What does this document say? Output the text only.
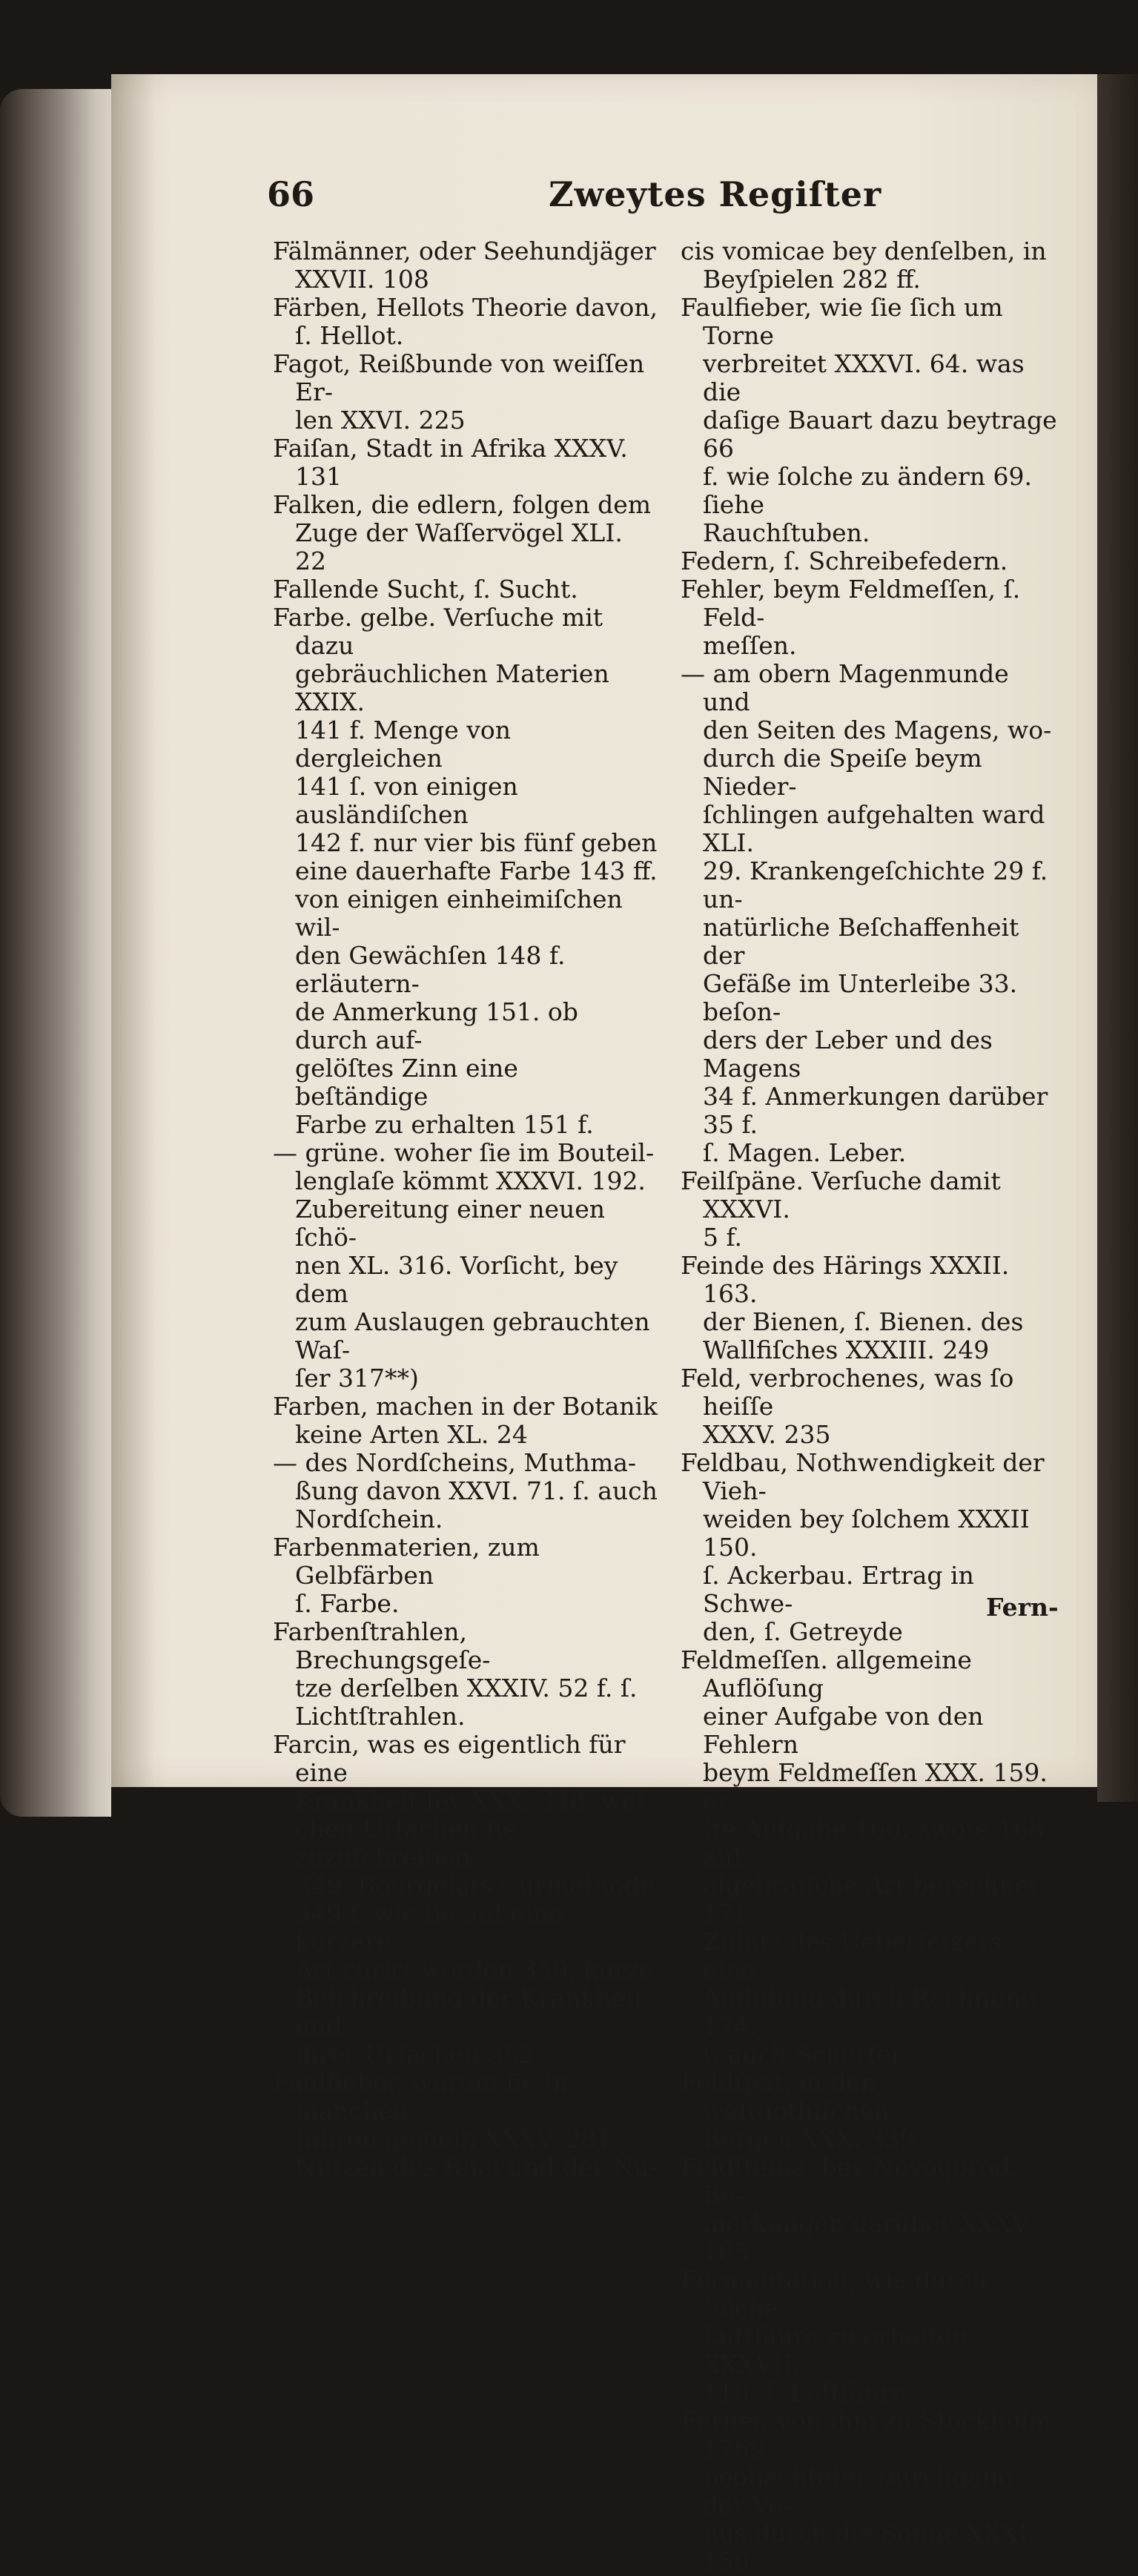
66	Zweytes Regiſter

Fälmänner, oder Seehundjäger
XXVII. 108

Färben, Hellots Theorie davon,
ſ. Hellot.

Fagot, Reißbunde von weiſſen Er-
len XXVI. 225

Faiſan, Stadt in Afrika XXXV.
131

Falken, die edlern, folgen dem
Zuge der Waſſervögel XLI. 22

Fallende Sucht, ſ. Sucht.

Farbe. gelbe. Verſuche mit dazu
gebräuchlichen Materien XXIX.
141 f. Menge von dergleichen
141 ſ. von einigen ausländiſchen
142 f. nur vier bis fünf geben
eine dauerhafte Farbe 143 ff.
von einigen einheimiſchen wil-
den Gewächſen 148 f. erläutern-
de Anmerkung 151. ob durch auf-
gelöſtes Zinn eine beſtändige
Farbe zu erhalten 151 f.

— grüne. woher ſie im Bouteil-
lenglaſe kömmt XXXVI. 192.
Zubereitung einer neuen ſchö-
nen XL. 316. Vorſicht, bey dem
zum Auslaugen gebrauchten Waſ-
ſer 317**)

Farben, machen in der Botanik
keine Arten XL. 24

— des Nordſcheins, Muthma-
ßung davon XXVI. 71. ſ. auch
Nordſchein.

Farbenmaterien, zum Gelbfärben
ſ. Farbe.

Farbenſtrahlen, Brechungsgeſe-
tze derſelben XXXIV. 52 f. ſ.
Lichtſtrahlen.

Farcin, was es eigentlich für eine
Krankheit ſey XXX. 348. wel-
chen Urſachen ſie zuzuſchreiben
349. Bourgelats Curmethode
349 f. wie ſie auf eine kürzere
Art curirt worden 350. kurze
Beſchreibung der Krankheit und
ihrer Urſachen 352

Faulfieber, warum ſie in manchen
Jahren gemein XXXV. 281.
Nutzen des Rhei und der Nu-

cis vomicae bey denſelben, in
Beyſpielen 282 ff.

Faulfieber, wie ſie ſich um Torne
verbreitet XXXVI. 64. was die
daſige Bauart dazu beytrage 66
f. wie ſolche zu ändern 69. ſiehe
Rauchſtuben.

Federn, ſ. Schreibefedern.

Fehler, beym Feldmeſſen, ſ. Feld-
meſſen.

— am obern Magenmunde und
den Seiten des Magens, wo-
durch die Speiſe beym Nieder-
ſchlingen aufgehalten ward XLI.
29. Krankengeſchichte 29 f. un-
natürliche Beſchaffenheit der
Gefäße im Unterleibe 33. beſon-
ders der Leber und des Magens
34 f. Anmerkungen darüber 35 f.
ſ. Magen. Leber.

Feilſpäne. Verſuche damit XXXVI.
5 f.

Feinde des Härings XXXII. 163.
der Bienen, ſ. Bienen. des
Wallfiſches XXXIII. 249

Feld, verbrochenes, was ſo heiſſe
XXXV. 235

Feldbau, Nothwendigkeit der Vieh-
weiden bey ſolchem XXXII 150.
ſ. Ackerbau. Ertrag in Schwe-
den, ſ. Getreyde

Feldmeſſen. allgemeine Auflöſung
einer Aufgabe von den Fehlern
beym Feldmeſſen XXX. 159. er-
ſte Aufgabe 160. zwote 168. auf
algebraiſche Art berechnet 171.
Zuſatz des Ueberſetzers; eine
Auflöſung durch Rechnung 174.
ſ. auch Scherfer.

Feldſpat, in den weſtgothiſchen
Bergen XXX. 339

Feldſteine, bey Novogorod, Be-
merkungen darüber XXXV. 185

Fermentation, wie durch ſolche
Luftſäure zu erhalten XXXVII.
110. ſ. Luftſäure.

Ferner, von ihm zu Stockholm 1769.
beobachteter Durchgang der Ve-
nus durch die Sonne XXXI. 150

Fern-
